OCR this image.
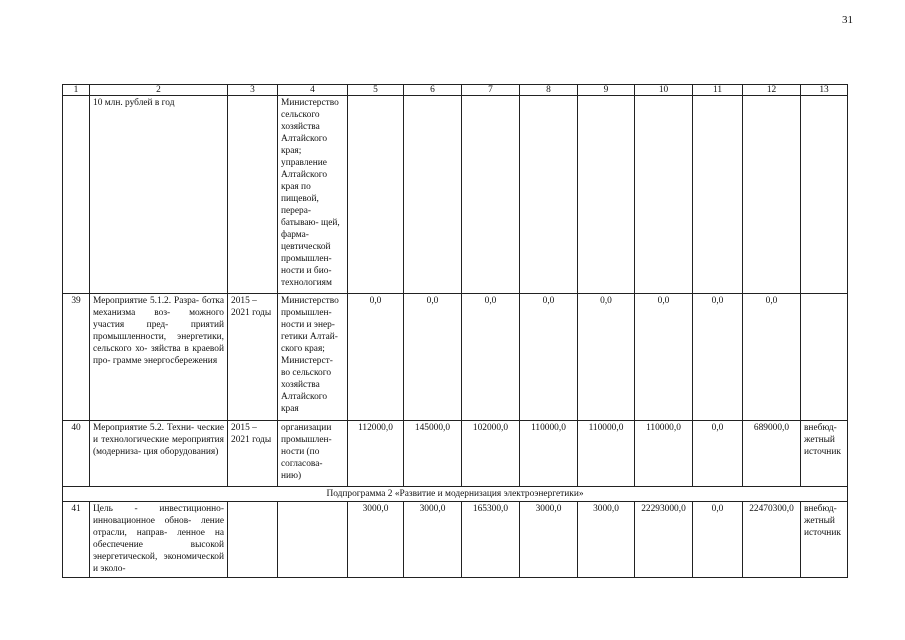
31
1	2	3	4	5	6	7	8	9	10	11	12	13
	10 млн. рублей в год		Министерство сельского хозяйства Алтайского края; управление Алтайского края по пищевой, перера- батываю- щей, фарма- цевтической промышлен- ности и био- технологиям									
39	Мероприятие 5.1.2. Разра- ботка механизма воз- можного участия пред- приятий промышленности, энергетики, сельского хо- зяйства в краевой про- грамме энергосбережения	2015 – 2021 годы	Министерство промышлен- ности и энер- гетики Алтай- ского края; Министерст- во сельского хозяйства Алтайского края	0,0	0,0	0,0	0,0	0,0	0,0	0,0	0,0	
40	Мероприятие 5.2. Техни- ческие и технологические мероприятия (модерниза- ция оборудования)	2015 – 2021 годы	организации промышлен- ности (по согласова- нию)	112000,0	145000,0	102000,0	110000,0	110000,0	110000,0	0,0	689000,0	внебюд- жетный источник
Подпрограмма 2 «Развитие и модернизация электроэнергетики»												
41	Цель - инвестиционно- инновационное обнов- ление отрасли, направ- ленное на обеспечение высокой энергетической, экономической и эколо-			3000,0	3000,0	165300,0	3000,0	3000,0	22293000,0	0,0	22470300,0	внебюд- жетный источник
